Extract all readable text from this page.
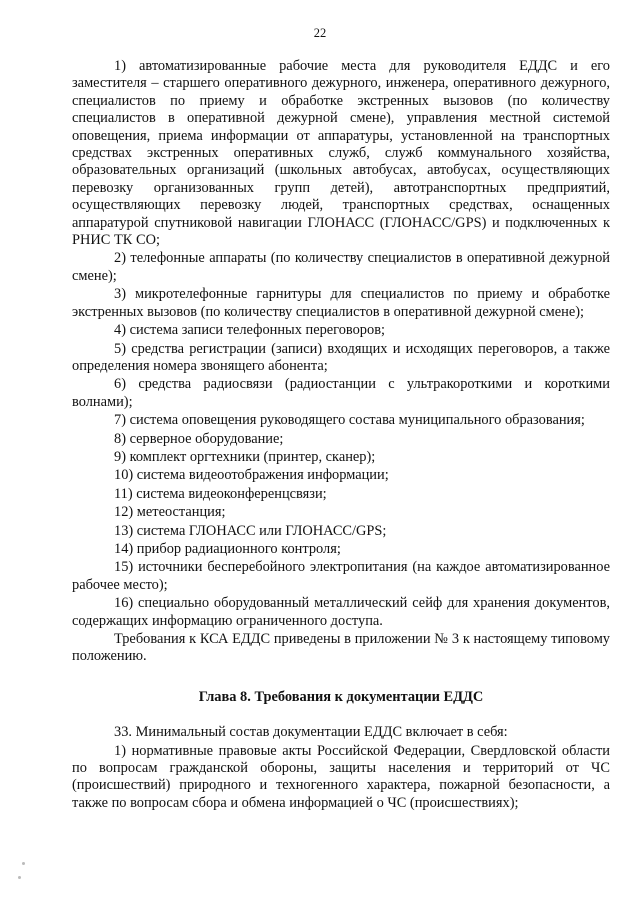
22

1) автоматизированные рабочие места для руководителя ЕДДС и его заместителя – старшего оперативного дежурного, инженера, оперативного дежурного, специалистов по приему и обработке экстренных вызовов (по количеству специалистов в оперативной дежурной смене), управления местной системой оповещения, приема информации от аппаратуры, установленной на транспортных средствах экстренных оперативных служб, служб коммунального хозяйства, образовательных организаций (школьных автобусах, автобусах, осуществляющих перевозку организованных групп детей), автотранспортных предприятий, осуществляющих перевозку людей, транспортных средствах, оснащенных аппаратурой спутниковой навигации ГЛОНАСС (ГЛОНАСС/GPS) и подключенных к РНИС ТК СО;

2) телефонные аппараты (по количеству специалистов в оперативной дежурной смене);

3) микротелефонные гарнитуры для специалистов по приему и обработке экстренных вызовов (по количеству специалистов в оперативной дежурной смене);

4) система записи телефонных переговоров;

5) средства регистрации (записи) входящих и исходящих переговоров, а также определения номера звонящего абонента;

6) средства радиосвязи (радиостанции с ультракороткими и короткими волнами);

7) система оповещения руководящего состава муниципального образования;

8) серверное оборудование;

9) комплект оргтехники (принтер, сканер);

10) система видеоотображения информации;

11) система видеоконференцсвязи;

12) метеостанция;

13) система ГЛОНАСС или ГЛОНАСС/GPS;

14) прибор радиационного контроля;

15) источники бесперебойного электропитания (на каждое автоматизированное рабочее место);

16) специально оборудованный металлический сейф для хранения документов, содержащих информацию ограниченного доступа.

Требования к КСА ЕДДС приведены в приложении № 3 к настоящему типовому положению.

Глава 8. Требования к документации ЕДДС

33. Минимальный состав документации ЕДДС включает в себя:

1) нормативные правовые акты Российской Федерации, Свердловской области по вопросам гражданской обороны, защиты населения и территорий от ЧС (происшествий) природного и техногенного характера, пожарной безопасности, а также по вопросам сбора и обмена информацией о ЧС (происшествиях);
